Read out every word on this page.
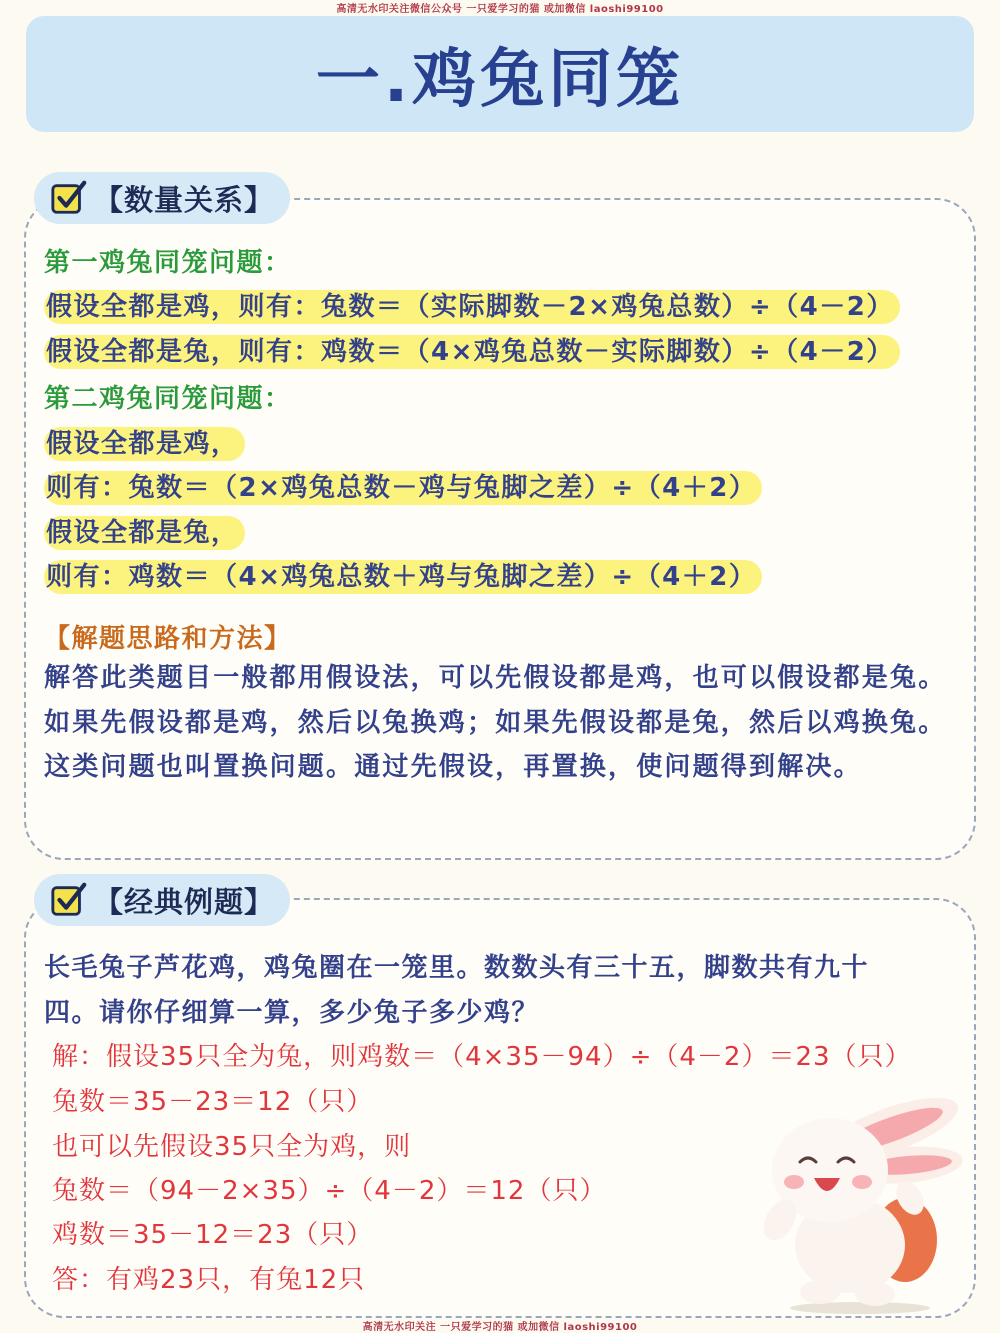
高清无水印关注微信公众号 一只爱学习的猫 或加微信 laoshi99100
一.鸡兔同笼
【数量关系】
第一鸡兔同笼问题：
假设全都是鸡，则有：兔数＝（实际脚数－2×鸡兔总数）÷（4－2）
假设全都是兔，则有：鸡数＝（4×鸡兔总数－实际脚数）÷（4－2）
第二鸡兔同笼问题：
假设全都是鸡，
则有：兔数＝（2×鸡兔总数－鸡与兔脚之差）÷（4＋2）
假设全都是兔，
则有：鸡数＝（4×鸡兔总数＋鸡与兔脚之差）÷（4＋2）
【解题思路和方法】
解答此类题目一般都用假设法，可以先假设都是鸡，也可以假设都是兔。如果先假设都是鸡，然后以兔换鸡；如果先假设都是兔，然后以鸡换兔。这类问题也叫置换问题。通过先假设，再置换，使问题得到解决。
【经典例题】
长毛兔子芦花鸡，鸡兔圈在一笼里。数数头有三十五，脚数共有九十
四。请你仔细算一算，多少兔子多少鸡？
解：假设35只全为兔，则鸡数＝（4×35－94）÷（4－2）＝23（只）
兔数＝35－23＝12（只）
也可以先假设35只全为鸡，则
兔数＝（94－2×35）÷（4－2）＝12（只）
鸡数＝35－12＝23（只）
答：有鸡23只，有兔12只
高清无水印关注 一只爱学习的猫 或加微信 laoshi99100
